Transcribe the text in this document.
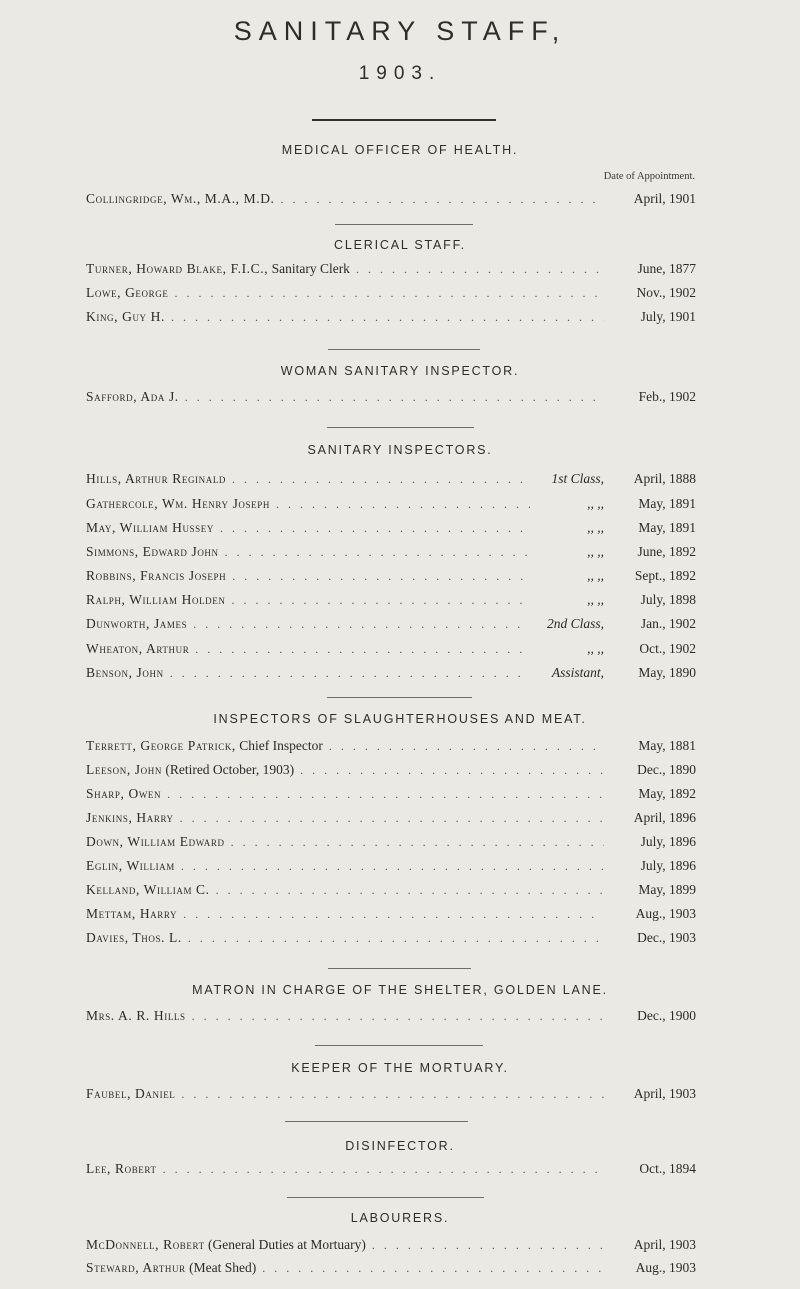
SANITARY STAFF,
1903.
MEDICAL OFFICER OF HEALTH.
Date of Appointment.
Collingridge, Wm., M.A., M.D. . . .	April, 1901
CLERICAL STAFF.
Turner, Howard Blake, F.I.C.,
Sanitary Clerk . . .	June, 1877
Lowe, George . . .	Nov., 1902
King, Guy H. . . .	July, 1901
WOMAN SANITARY INSPECTOR.
Safford, Ada J. . . .	Feb., 1902
SANITARY INSPECTORS.
Hills, Arthur Reginald . . .	1st Class,	April, 1888
Gathercole, Wm. Henry Joseph . . .	,, ,,	May, 1891
May, William Hussey . . .	,, ,,	May, 1891
Simmons, Edward John . . .	,, ,,	June, 1892
Robbins, Francis Joseph . . .	,, ,,	Sept., 1892
Ralph, William Holden . . .	,, ,,	July, 1898
Dunworth, James . . .	2nd Class,	Jan., 1902
Wheaton, Arthur . . .	,, ,,	Oct., 1902
Benson, John . . .	Assistant,	May, 1890
INSPECTORS OF SLAUGHTERHOUSES AND MEAT.
Terrett, George Patrick,
Chief Inspector . . .	May, 1881
Leeson, John
(Retired October, 1903) . . .	Dec., 1890
Sharp, Owen . . .	May, 1892
Jenkins, Harry . . .	April, 1896
Down, William Edward . . .	July, 1896
Eglin, William . . .	July, 1896
Kelland, William C. . . .	May, 1899
Mettam, Harry . . .	Aug., 1903
Davies, Thos. L. . . .	Dec., 1903
MATRON IN CHARGE OF THE SHELTER, GOLDEN LANE.
Mrs. A. R. Hills . . .	Dec., 1900
KEEPER OF THE MORTUARY.
Faubel, Daniel . . .	April, 1903
DISINFECTOR.
Lee, Robert . . .	Oct., 1894
LABOURERS.
McDonnell, Robert
(General Duties at Mortuary) . . .	April, 1903
Steward, Arthur
(Meat Shed) . . .	Aug., 1903
